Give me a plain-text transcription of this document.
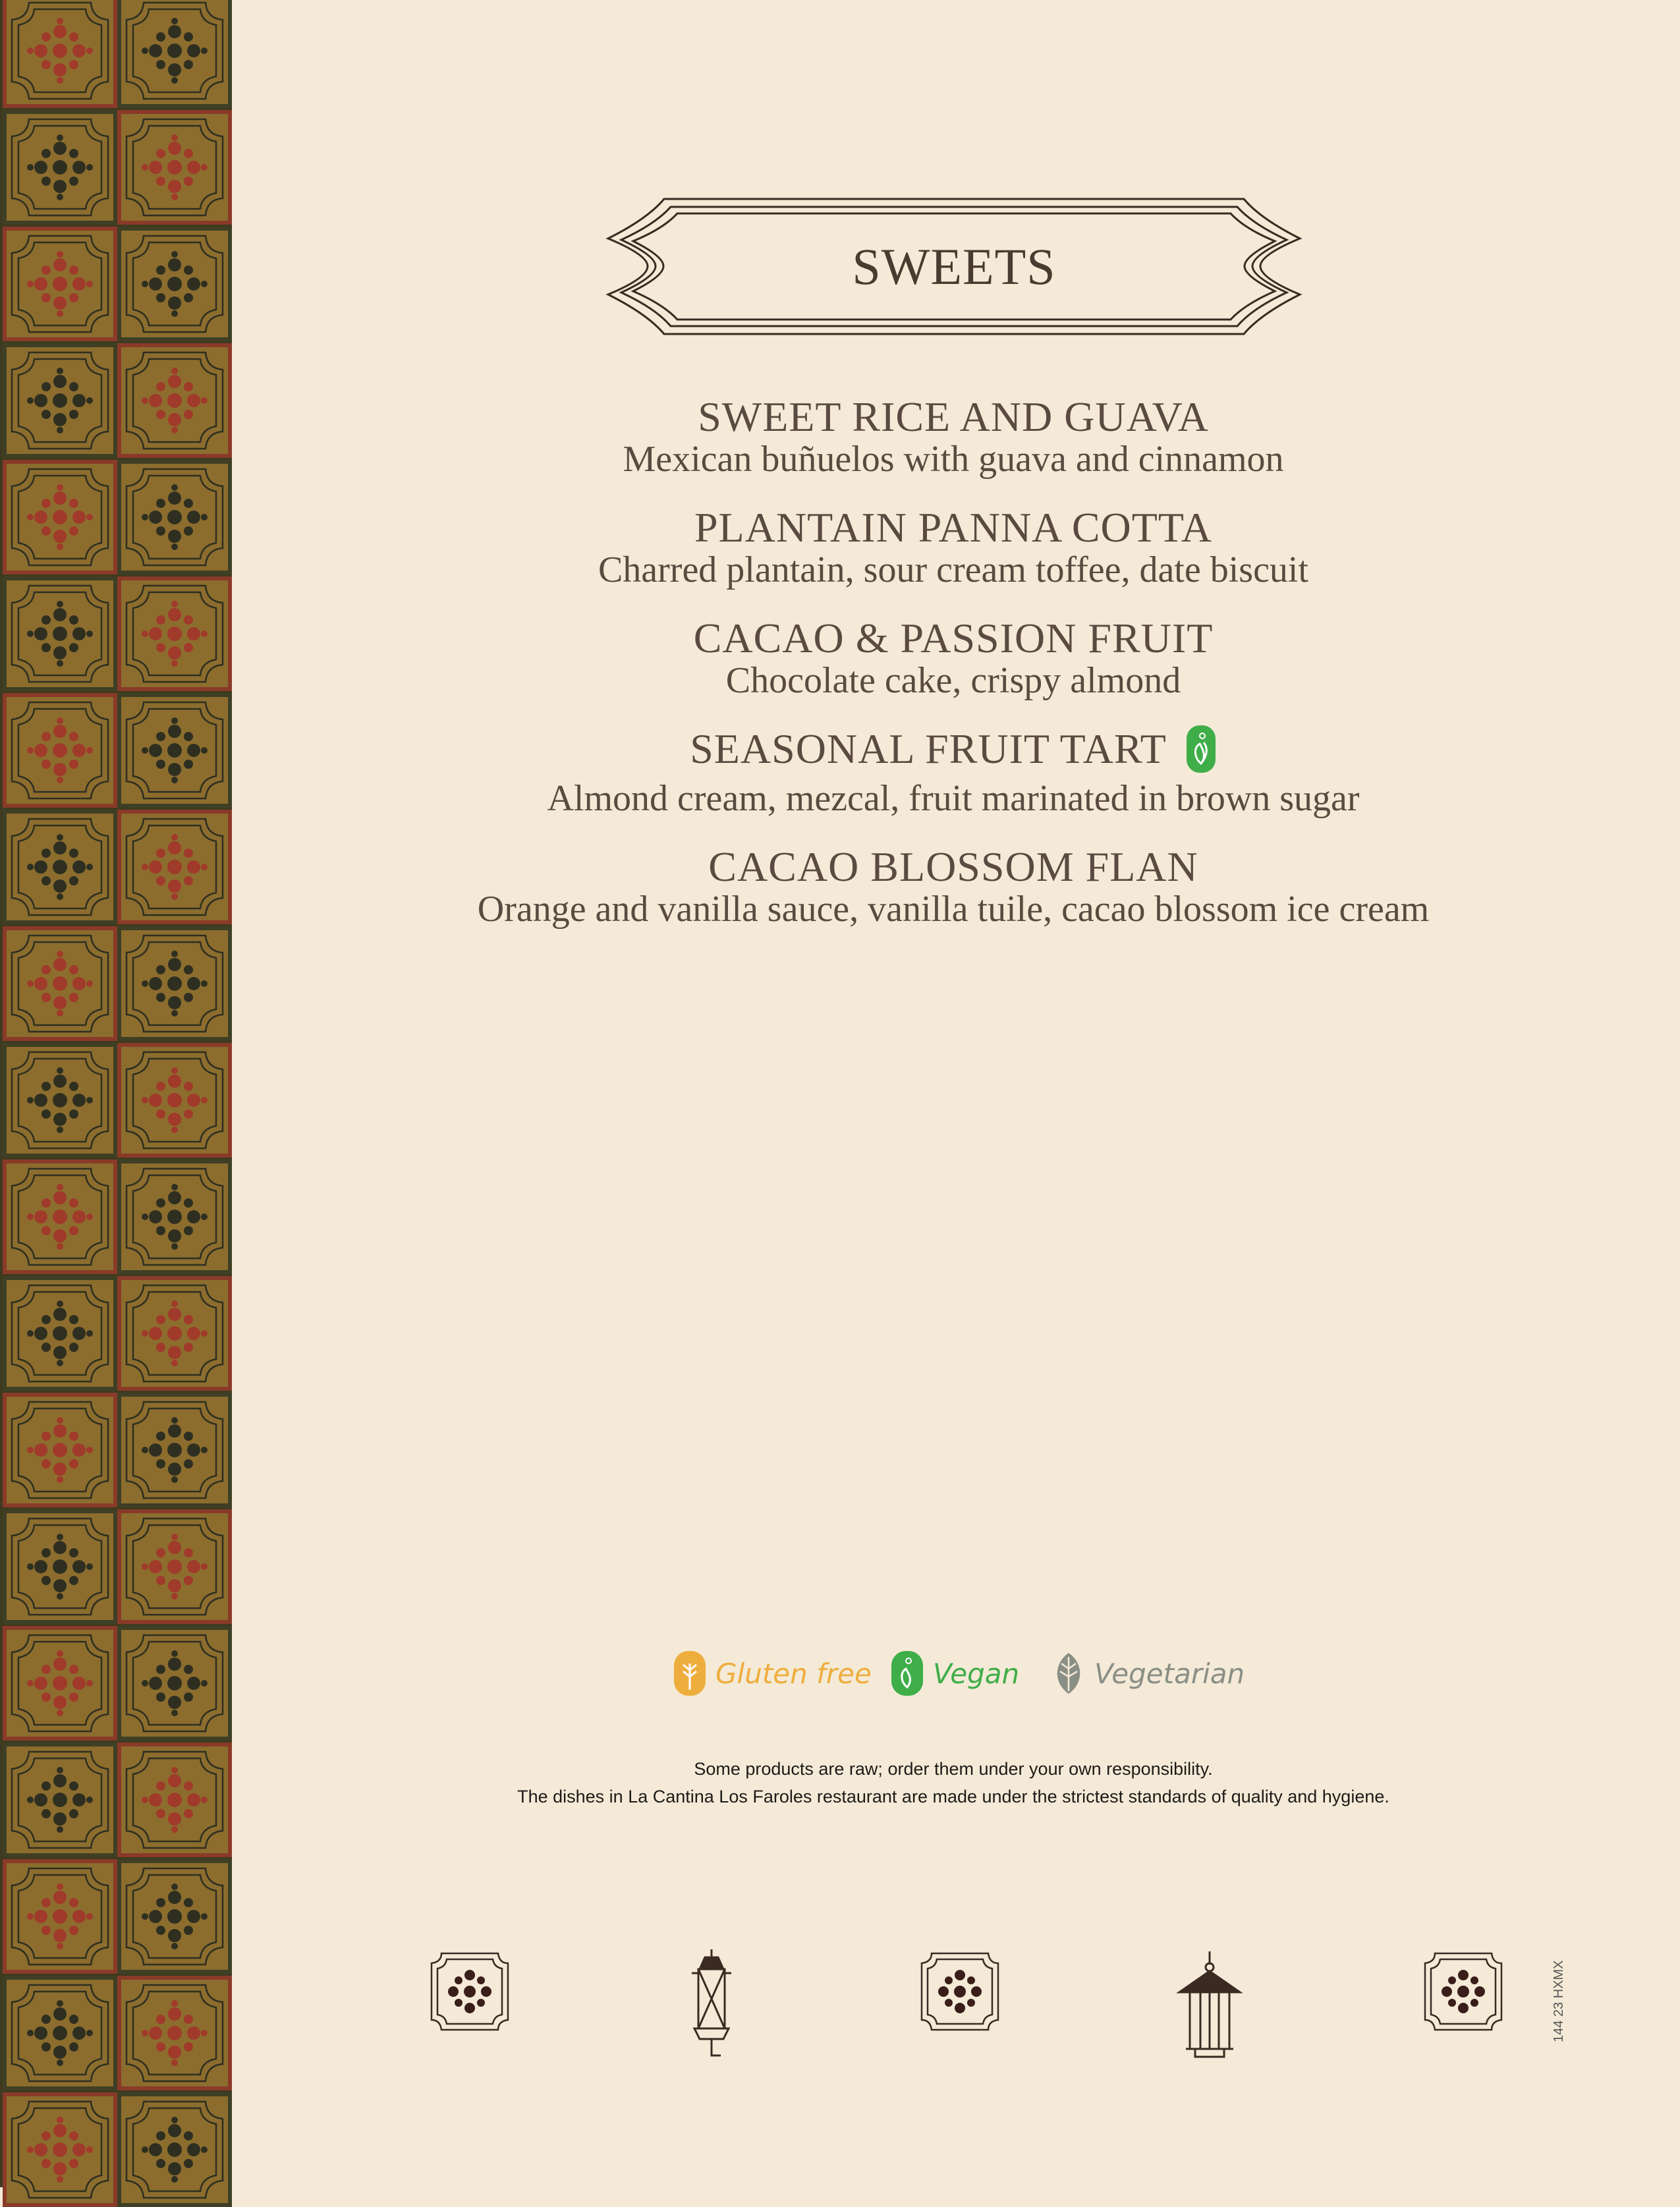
SWEETS
SWEET RICE AND GUAVA
Mexican buñuelos with guava and cinnamon
PLANTAIN PANNA COTTA
Charred plantain, sour cream toffee, date biscuit
CACAO & PASSION FRUIT
Chocolate cake, crispy almond
SEASONAL FRUIT TART
Almond cream, mezcal, fruit marinated in brown sugar
CACAO BLOSSOM FLAN
Orange and vanilla sauce, vanilla tuile, cacao blossom ice cream
Gluten free Vegan	Vegetarian
Some products are raw; order them under your own responsibility.
The dishes in La Cantina Los Faroles restaurant are made under the strictest standards of quality and hygiene.
144 23 HXMX
